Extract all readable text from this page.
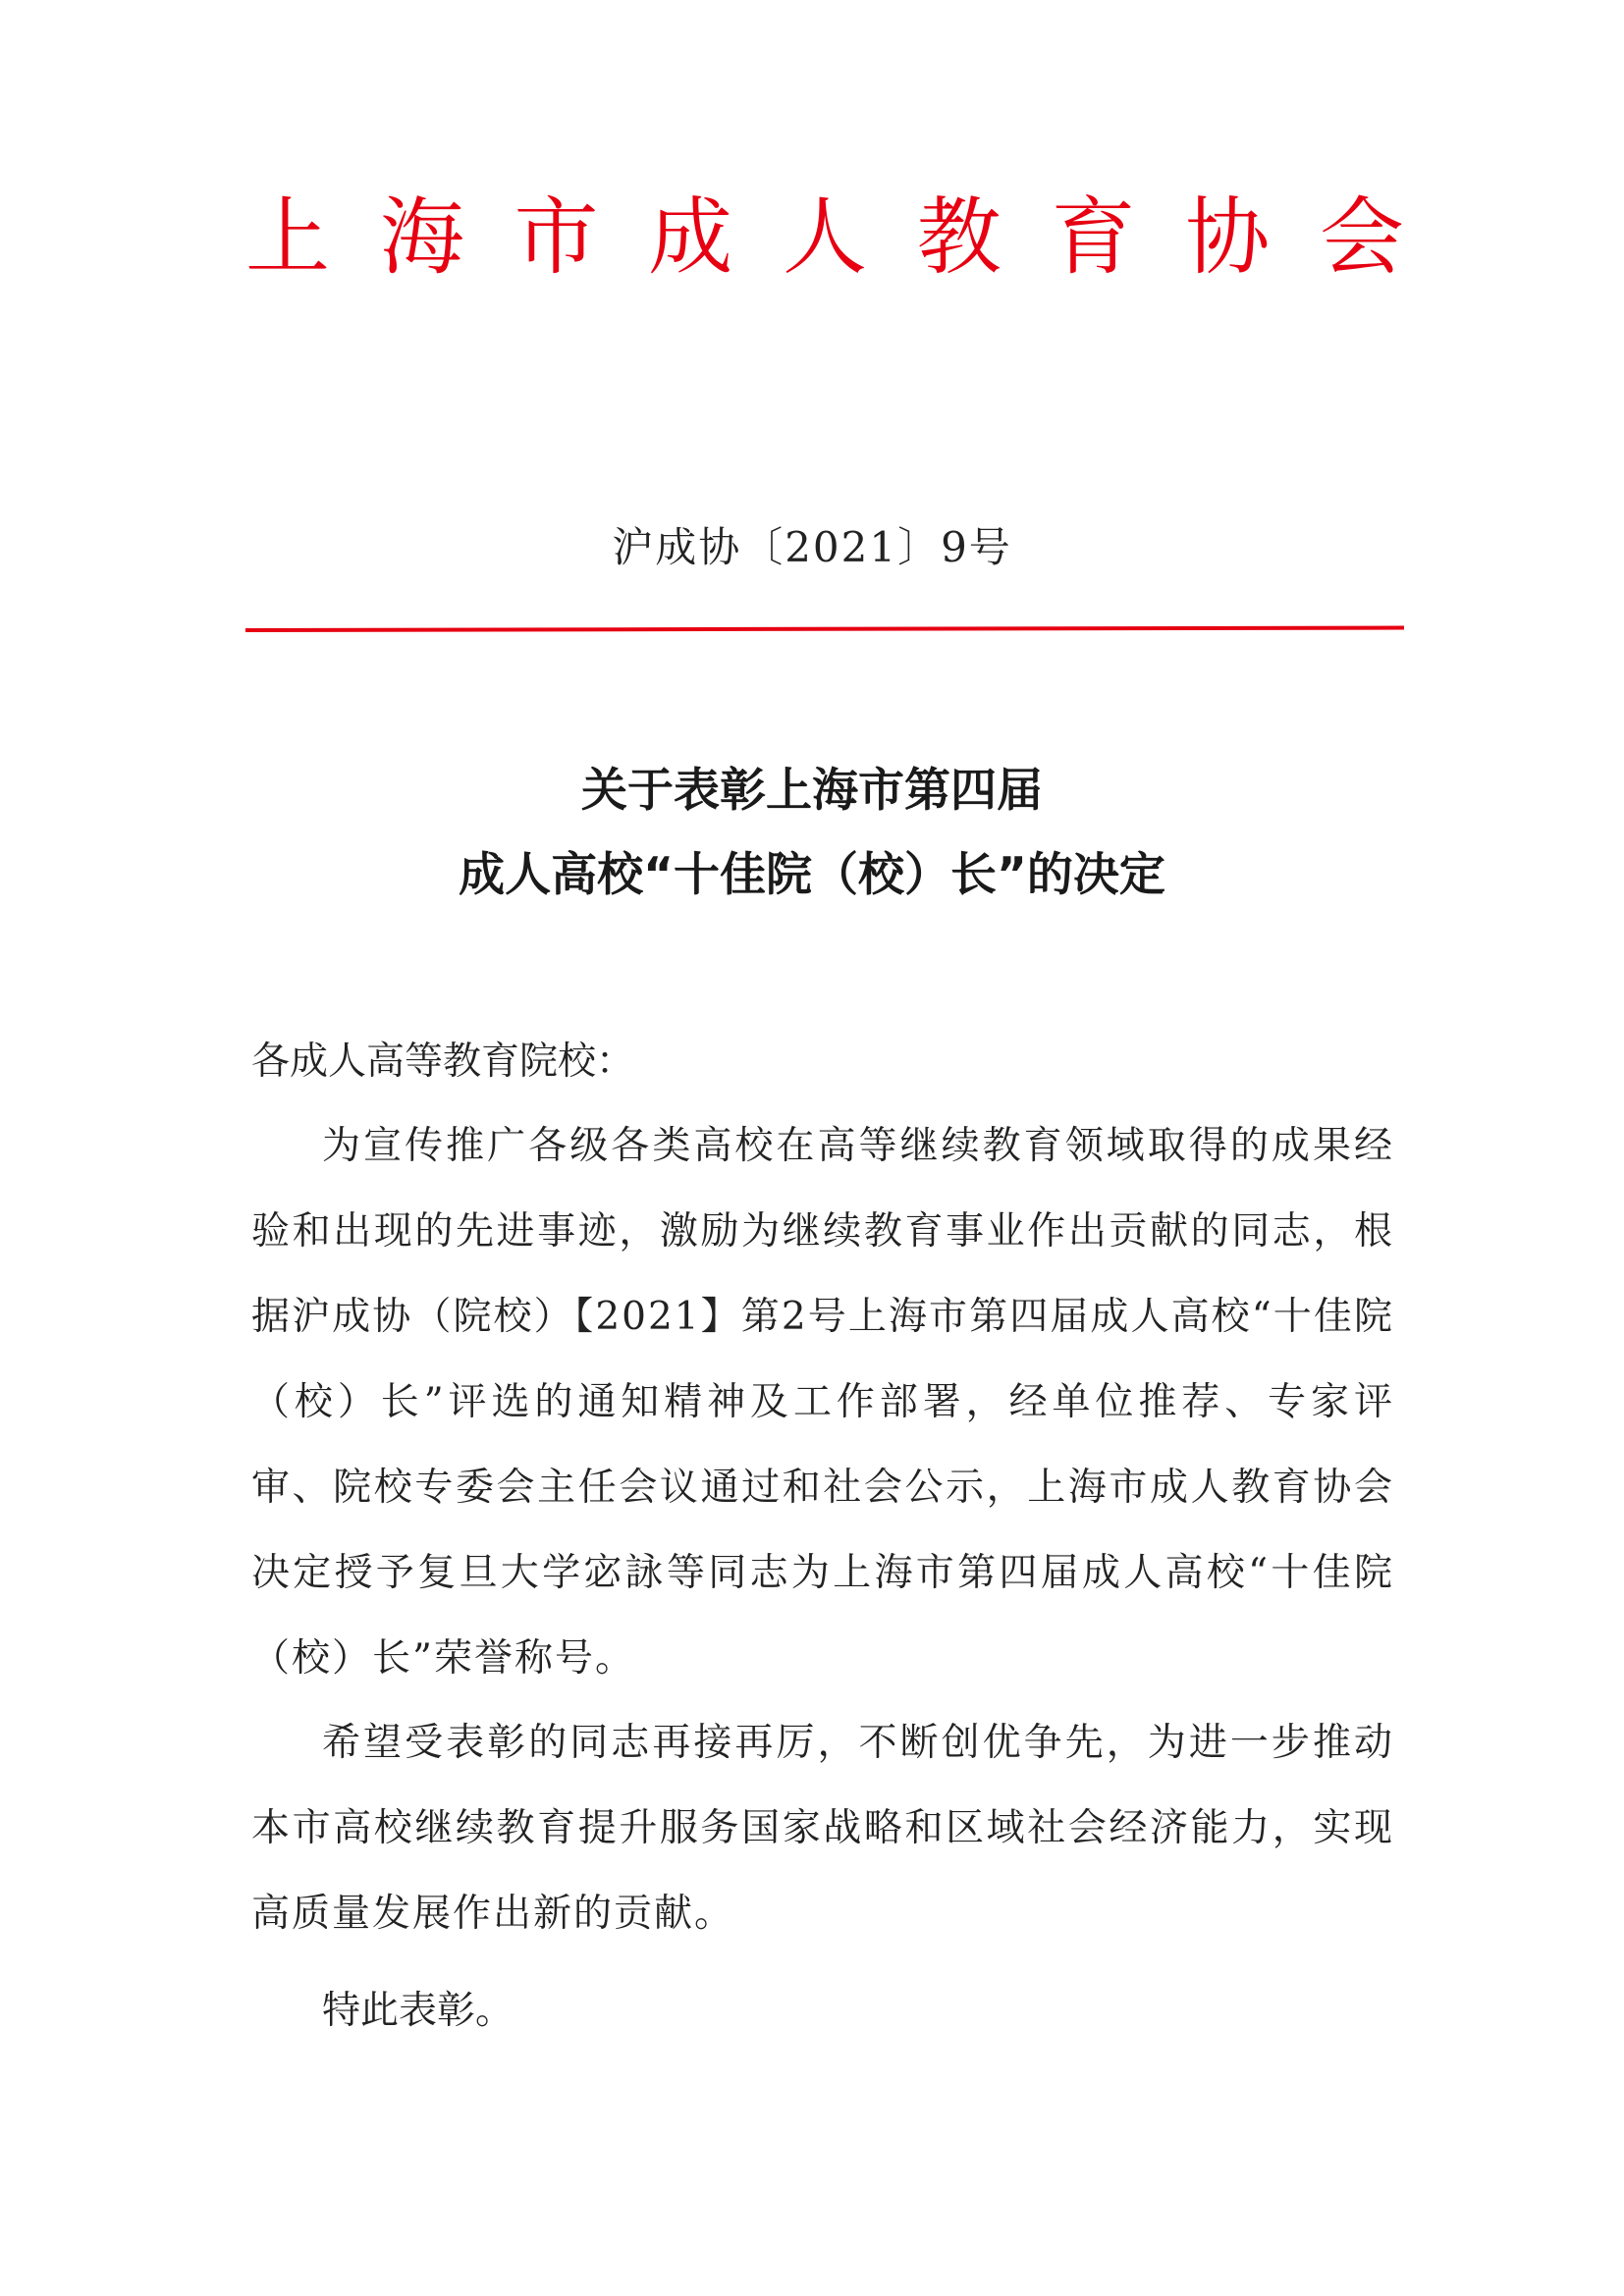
上 海 市 成 人 教 育 协 会
沪成协〔2021〕9号
关于表彰上海市第四届
成人高校“十佳院（校）长”的决定
各成人高等教育院校：
为宣传推广各级各类高校在高等继续教育领域取得的成果经验和出现的先进事迹，激励为继续教育事业作出贡献的同志，根据沪成协（院校）【2021】第2号上海市第四届成人高校“十佳院（校）长”评选的通知精神及工作部署，经单位推荐、专家评审、院校专委会主任会议通过和社会公示，上海市成人教育协会决定授予复旦大学宓詠等同志为上海市第四届成人高校“十佳院（校）长”荣誉称号。
希望受表彰的同志再接再厉，不断创优争先，为进一步推动本市高校继续教育提升服务国家战略和区域社会经济能力，实现高质量发展作出新的贡献。
特此表彰。
